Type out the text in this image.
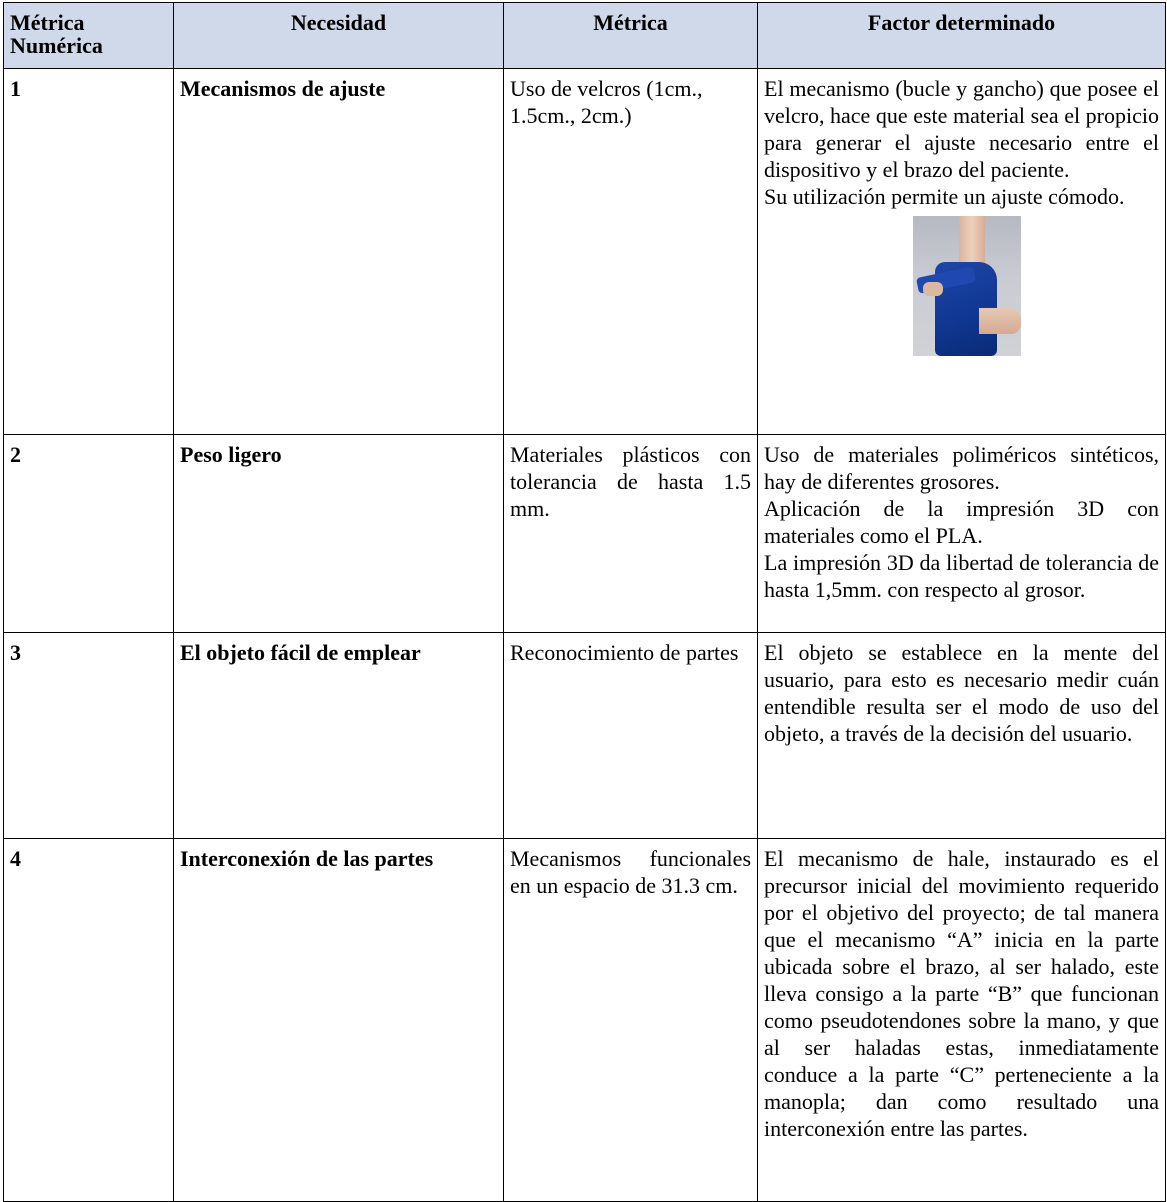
Métrica Numérica	Necesidad	Métrica	Factor determinado
1	Mecanismos de ajuste	Uso de velcros (1cm., 1.5cm., 2cm.)	El mecanismo (bucle y gancho) que posee el velcro, hace que este material sea el propicio para generar el ajuste necesario entre el dispositivo y el brazo del paciente.
Su utilización permite un ajuste cómodo.

2	Peso ligero	Materiales plásticos con tolerancia de hasta 1.5 mm.	Uso de materiales poliméricos sintéticos, hay de diferentes grosores.
Aplicación de la impresión 3D con materiales como el PLA.
La impresión 3D da libertad de tolerancia de hasta 1,5mm. con respecto al grosor.

3	El objeto fácil de emplear	Reconocimiento de partes	El objeto se establece en la mente del usuario, para esto es necesario medir cuán entendible resulta ser el modo de uso del objeto, a través de la decisión del usuario.

4	Interconexión de las partes	Mecanismos funcionales en un espacio de 31.3 cm.	El mecanismo de hale, instaurado es el precursor inicial del movimiento requerido por el objetivo del proyecto; de tal manera que el mecanismo “A” inicia en la parte ubicada sobre el brazo, al ser halado, este lleva consigo a la parte “B” que funcionan como pseudotendones sobre la mano, y que al ser haladas estas, inmediatamente conduce a la parte “C” perteneciente a la manopla; dan como resultado una interconexión entre las partes.
